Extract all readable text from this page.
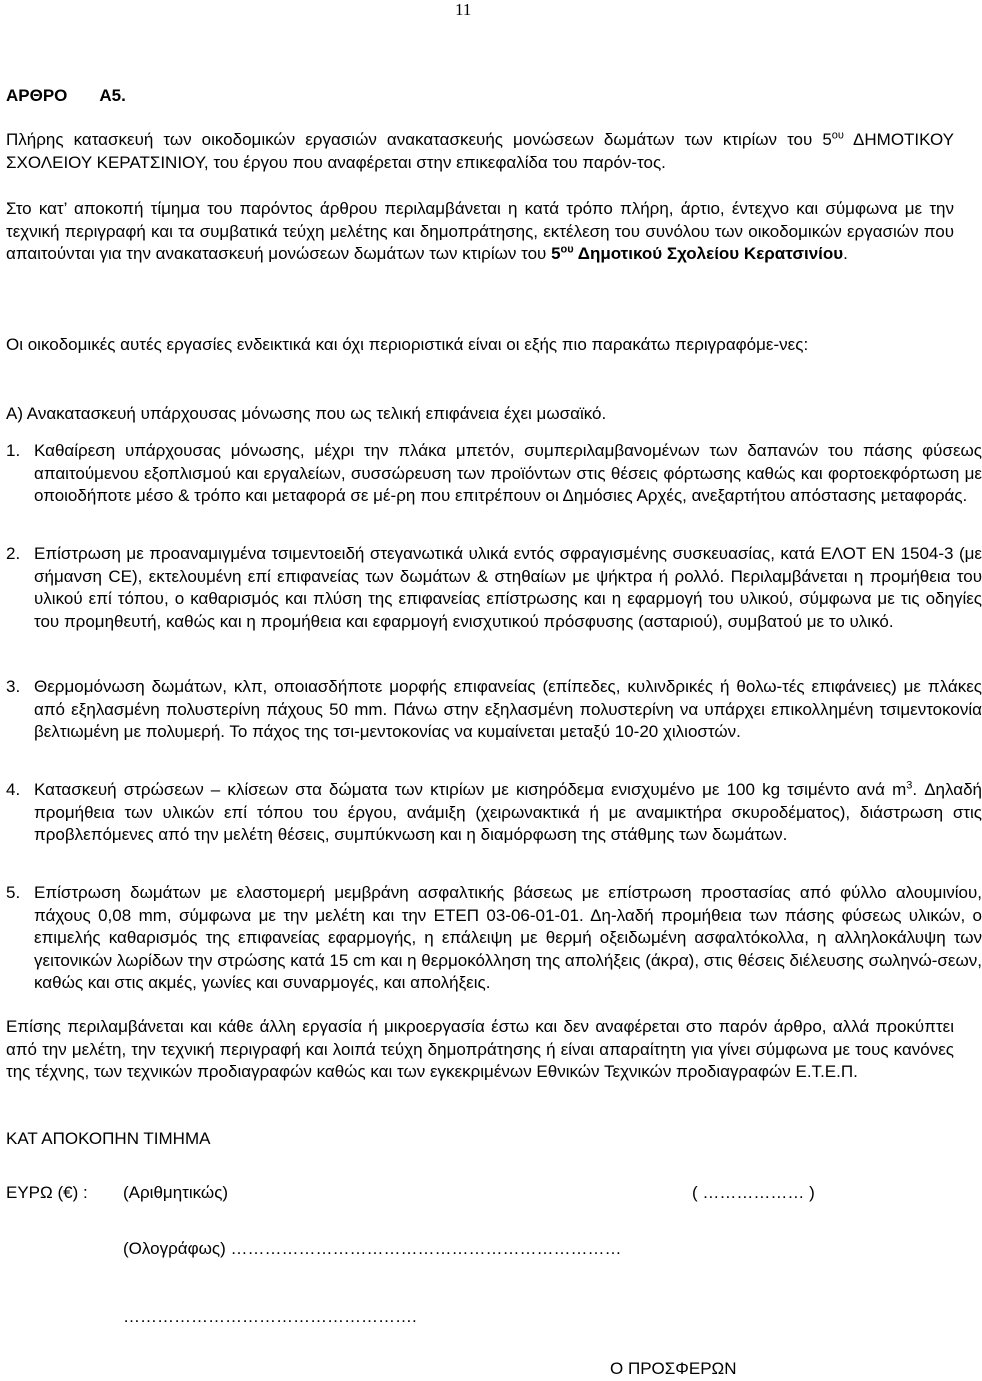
11
ΑΡΘΡΟ Α5.
Πλήρης κατασκευή των οικοδομικών εργασιών ανακατασκευής μονώσεων δωμάτων των κτιρίων του $5^{o\upsilon}$ ΔΗΜΟΤΙΚΟΥ ΣΧΟΛΕΙΟΥ ΚΕΡΑΤΣΙΝΙΟΥ, του έργου που αναφέρεται στην επικεφαλίδα του παρόν-τος.
Στο κατ’ αποκοπή τίμημα του παρόντος άρθρου περιλαμβάνεται η κατά τρόπο πλήρη, άρτιο, έντεχνο και σύμφωνα με την τεχνική περιγραφή και τα συμβατικά τεύχη μελέτης και δημοπράτησης, εκτέλεση του συνόλου των οικοδομικών εργασιών που απαιτούνται για την ανακατασκευή μονώσεων δωμάτων των κτιρίων του $5^{o\upsilon}$ Δημοτικού Σχολείου Κερατσινίου.
Οι οικοδομικές αυτές εργασίες ενδεικτικά και όχι περιοριστικά είναι οι εξής πιο παρακάτω περιγραφόμε-νες:
Α) Ανακατασκευή υπάρχουσας μόνωσης που ως τελική επιφάνεια έχει μωσαϊκό.
1. Καθαίρεση υπάρχουσας μόνωσης, μέχρι την πλάκα μπετόν, συμπεριλαμβανομένων των δαπανών του πάσης φύσεως απαιτούμενου εξοπλισμού και εργαλείων, συσσώρευση των προϊόντων στις θέσεις φόρτωσης καθώς και φορτοεκφόρτωση με οποιοδήποτε μέσο & τρόπο και μεταφορά σε μέ-ρη που επιτρέπουν οι Δημόσιες Αρχές, ανεξαρτήτου απόστασης μεταφοράς.
2. Επίστρωση με προαναμιγμένα τσιμεντοειδή στεγανωτικά υλικά εντός σφραγισμένης συσκευασίας, κατά ΕΛΟΤ ΕΝ 1504-3 (με σήμανση CE), εκτελουμένη επί επιφανείας των δωμάτων & στηθαίων με ψήκτρα ή ρολλό. Περιλαμβάνεται η προμήθεια του υλικού επί τόπου, ο καθαρισμός και πλύση της επιφανείας επίστρωσης και η εφαρμογή του υλικού, σύμφωνα με τις οδηγίες του προμηθευτή, καθώς και η προμήθεια και εφαρμογή ενισχυτικού πρόσφυσης (ασταριού), συμβατού με το υλικό.
3. Θερμομόνωση δωμάτων, κλπ, οποιασδήποτε μορφής επιφανείας (επίπεδες, κυλινδρικές ή θολω-τές επιφάνειες) με πλάκες από εξηλασμένη πολυστερίνη πάχους 50 mm. Πάνω στην εξηλασμένη πολυστερίνη να υπάρχει επικολλημένη τσιμεντοκονία βελτιωμένη με πολυμερή. Το πάχος της τσι-μεντοκονίας να κυμαίνεται μεταξύ 10-20 χιλιοστών.
4. Κατασκευή στρώσεων – κλίσεων στα δώματα των κτιρίων με κισηρόδεμα ενισχυμένο με 100 kg τσιμέντο ανά $m^3$. Δηλαδή προμήθεια των υλικών επί τόπου του έργου, ανάμιξη (χειρωνακτικά ή με αναμικτήρα σκυροδέματος), διάστρωση στις προβλεπόμενες από την μελέτη θέσεις, συμπύκνωση και η διαμόρφωση της στάθμης των δωμάτων.
5. Επίστρωση δωμάτων με ελαστομερή μεμβράνη ασφαλτικής βάσεως με επίστρωση προστασίας από φύλλο αλουμινίου, πάχους 0,08 mm, σύμφωνα με την μελέτη και την ΕΤΕΠ 03-06-01-01. Δη-λαδή προμήθεια των πάσης φύσεως υλικών, ο επιμελής καθαρισμός της επιφανείας εφαρμογής, η επάλειψη με θερμή οξειδωμένη ασφαλτόκολλα, η αλληλοκάλυψη των γειτονικών λωρίδων την στρώσης κατά 15 cm και η θερμοκόλληση της απολήξεις (άκρα), στις θέσεις διέλευσης σωληνώ-σεων, καθώς και στις ακμές, γωνίες και συναρμογές, και απολήξεις.
Επίσης περιλαμβάνεται και κάθε άλλη εργασία ή μικροεργασία έστω και δεν αναφέρεται στο παρόν άρθρο, αλλά προκύπτει από την μελέτη, την τεχνική περιγραφή και λοιπά τεύχη δημοπράτησης ή είναι απαραίτητη για γίνει σύμφωνα με τους κανόνες της τέχνης, των τεχνικών προδιαγραφών καθώς και των εγκεκριμένων Εθνικών Τεχνικών προδιαγραφών Ε.Τ.Ε.Π.
ΚΑΤ ΑΠΟΚΟΠΗΝ ΤΙΜΗΜΑ
ΕΥΡΩ (€) : (Αριθμητικώς)	( ……………… )
(Ολογράφως) ……………………………………………………………
…………………………………………….
Ο ΠΡΟΣΦΕΡΩΝ
